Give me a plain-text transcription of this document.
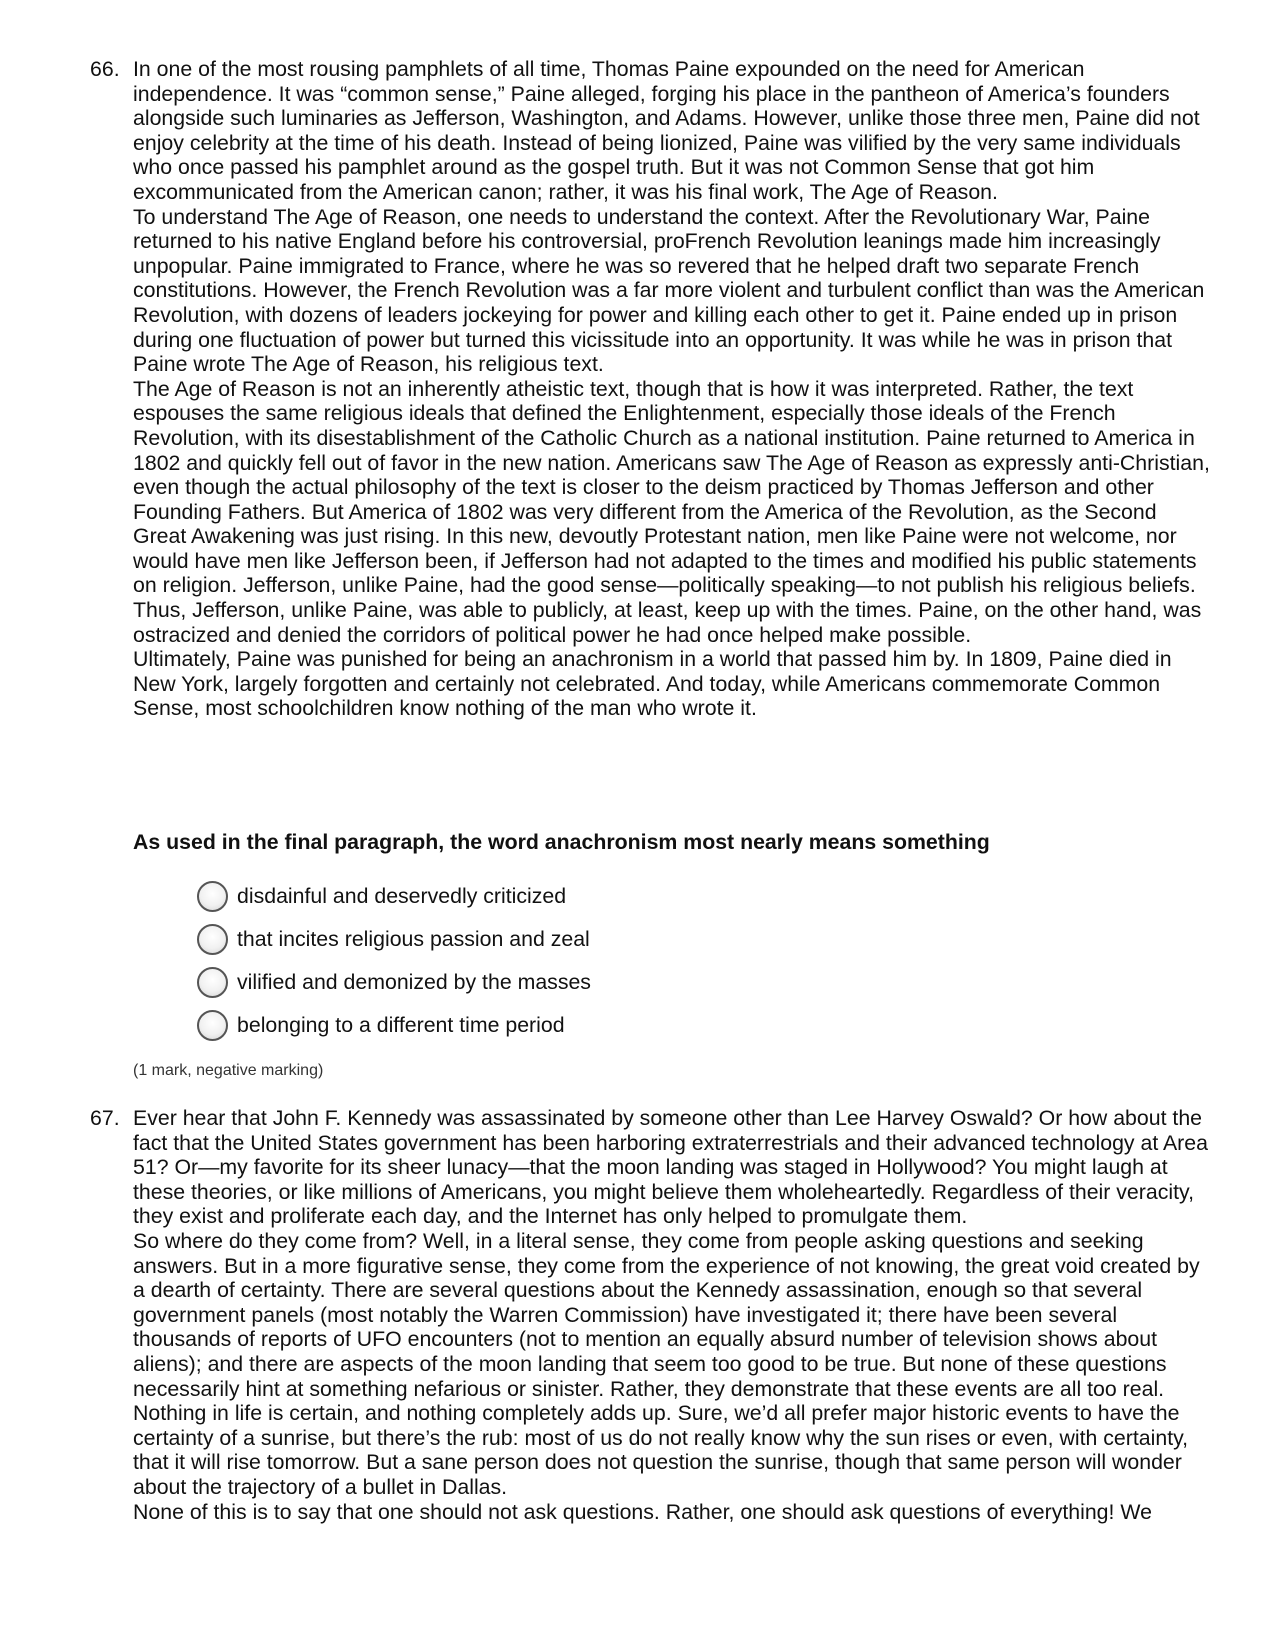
66. In one of the most rousing pamphlets of all time, Thomas Paine expounded on the need for American independence. It was “common sense,” Paine alleged, forging his place in the pantheon of America’s founders alongside such luminaries as Jefferson, Washington, and Adams. However, unlike those three men, Paine did not enjoy celebrity at the time of his death. Instead of being lionized, Paine was vilified by the very same individuals who once passed his pamphlet around as the gospel truth. But it was not Common Sense that got him excommunicated from the American canon; rather, it was his final work, The Age of Reason.

To understand The Age of Reason, one needs to understand the context. After the Revolutionary War, Paine returned to his native England before his controversial, proFrench Revolution leanings made him increasingly unpopular. Paine immigrated to France, where he was so revered that he helped draft two separate French constitutions. However, the French Revolution was a far more violent and turbulent conflict than was the American Revolution, with dozens of leaders jockeying for power and killing each other to get it. Paine ended up in prison during one fluctuation of power but turned this vicissitude into an opportunity. It was while he was in prison that Paine wrote The Age of Reason, his religious text.

The Age of Reason is not an inherently atheistic text, though that is how it was interpreted. Rather, the text espouses the same religious ideals that defined the Enlightenment, especially those ideals of the French Revolution, with its disestablishment of the Catholic Church as a national institution. Paine returned to America in 1802 and quickly fell out of favor in the new nation. Americans saw The Age of Reason as expressly anti-Christian, even though the actual philosophy of the text is closer to the deism practiced by Thomas Jefferson and other Founding Fathers. But America of 1802 was very different from the America of the Revolution, as the Second Great Awakening was just rising. In this new, devoutly Protestant nation, men like Paine were not welcome, nor would have men like Jefferson been, if Jefferson had not adapted to the times and modified his public statements on religion. Jefferson, unlike Paine, had the good sense—politically speaking—to not publish his religious beliefs. Thus, Jefferson, unlike Paine, was able to publicly, at least, keep up with the times. Paine, on the other hand, was ostracized and denied the corridors of political power he had once helped make possible.

Ultimately, Paine was punished for being an anachronism in a world that passed him by. In 1809, Paine died in New York, largely forgotten and certainly not celebrated. And today, while Americans commemorate Common Sense, most schoolchildren know nothing of the man who wrote it.

As used in the final paragraph, the word anachronism most nearly means something

disdainful and deservedly criticized
that incites religious passion and zeal
vilified and demonized by the masses
belonging to a different time period

(1 mark, negative marking)

67. Ever hear that John F. Kennedy was assassinated by someone other than Lee Harvey Oswald? Or how about the fact that the United States government has been harboring extraterrestrials and their advanced technology at Area 51? Or—my favorite for its sheer lunacy—that the moon landing was staged in Hollywood? You might laugh at these theories, or like millions of Americans, you might believe them wholeheartedly. Regardless of their veracity, they exist and proliferate each day, and the Internet has only helped to promulgate them.

So where do they come from? Well, in a literal sense, they come from people asking questions and seeking answers. But in a more figurative sense, they come from the experience of not knowing, the great void created by a dearth of certainty. There are several questions about the Kennedy assassination, enough so that several government panels (most notably the Warren Commission) have investigated it; there have been several thousands of reports of UFO encounters (not to mention an equally absurd number of television shows about aliens); and there are aspects of the moon landing that seem too good to be true. But none of these questions necessarily hint at something nefarious or sinister. Rather, they demonstrate that these events are all too real. Nothing in life is certain, and nothing completely adds up. Sure, we’d all prefer major historic events to have the certainty of a sunrise, but there’s the rub: most of us do not really know why the sun rises or even, with certainty, that it will rise tomorrow. But a sane person does not question the sunrise, though that same person will wonder about the trajectory of a bullet in Dallas.

None of this is to say that one should not ask questions. Rather, one should ask questions of everything! We
